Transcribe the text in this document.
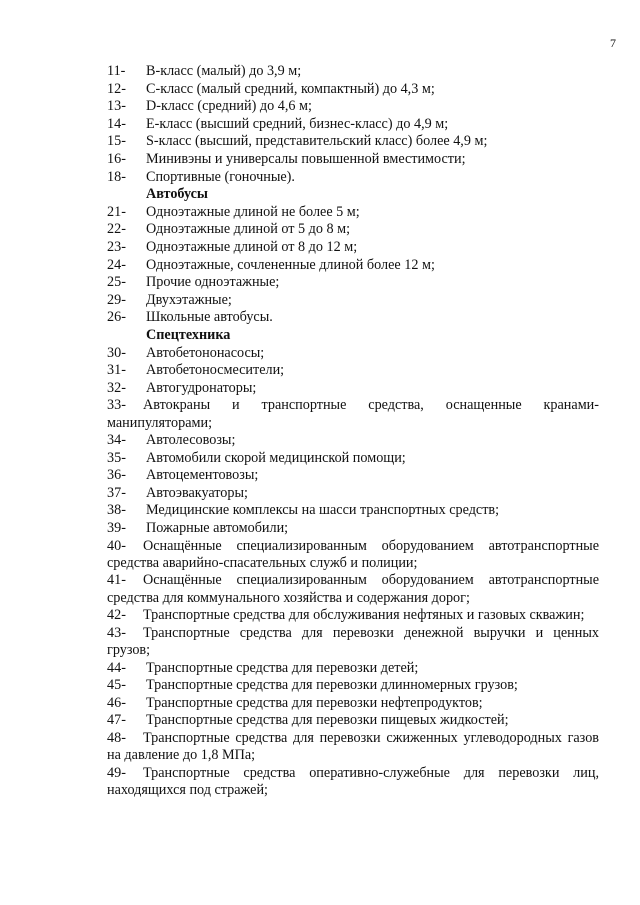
7
11-	B-класс (малый) до 3,9 м;
12-	C-класс (малый средний, компактный) до 4,3 м;
13-	D-класс (средний) до 4,6 м;
14-	E-класс (высший средний, бизнес-класс) до 4,9 м;
15-	S-класс (высший, представительский класс) более 4,9 м;
16-	Минивэны и универсалы повышенной вместимости;
18-	Спортивные (гоночные).
Автобусы
21-	Одноэтажные длиной не более 5 м;
22-	Одноэтажные длиной от 5 до 8 м;
23-	Одноэтажные длиной от 8 до 12 м;
24-	Одноэтажные, сочлененные длиной более 12 м;
25-	Прочие одноэтажные;
29-	Двухэтажные;
26-	Школьные автобусы.
Спецтехника
30-	Автобетононасосы;
31-	Автобетоносмесители;
32-	Автогудронаторы;
33- Автокраны и транспортные средства, оснащенные кранами-манипуляторами;
34-	Автолесовозы;
35-	Автомобили скорой медицинской помощи;
36-	Автоцементовозы;
37-	Автоэвакуаторы;
38-	Медицинские комплексы на шасси транспортных средств;
39-	Пожарные автомобили;
40- Оснащённые специализированным оборудованием автотранспортные средства аварийно-спасательных служб и полиции;
41- Оснащённые специализированным оборудованием автотранспортные средства для коммунального хозяйства и содержания дорог;
42- Транспортные средства для обслуживания нефтяных и газовых скважин;
43- Транспортные средства для перевозки денежной выручки и ценных грузов;
44-	Транспортные средства для перевозки детей;
45-	Транспортные средства для перевозки длинномерных грузов;
46-	Транспортные средства для перевозки нефтепродуктов;
47-	Транспортные средства для перевозки пищевых жидкостей;
48- Транспортные средства для перевозки сжиженных углеводородных газов на давление до 1,8 МПа;
49- Транспортные средства оперативно-служебные для перевозки лиц, находящихся под стражей;
